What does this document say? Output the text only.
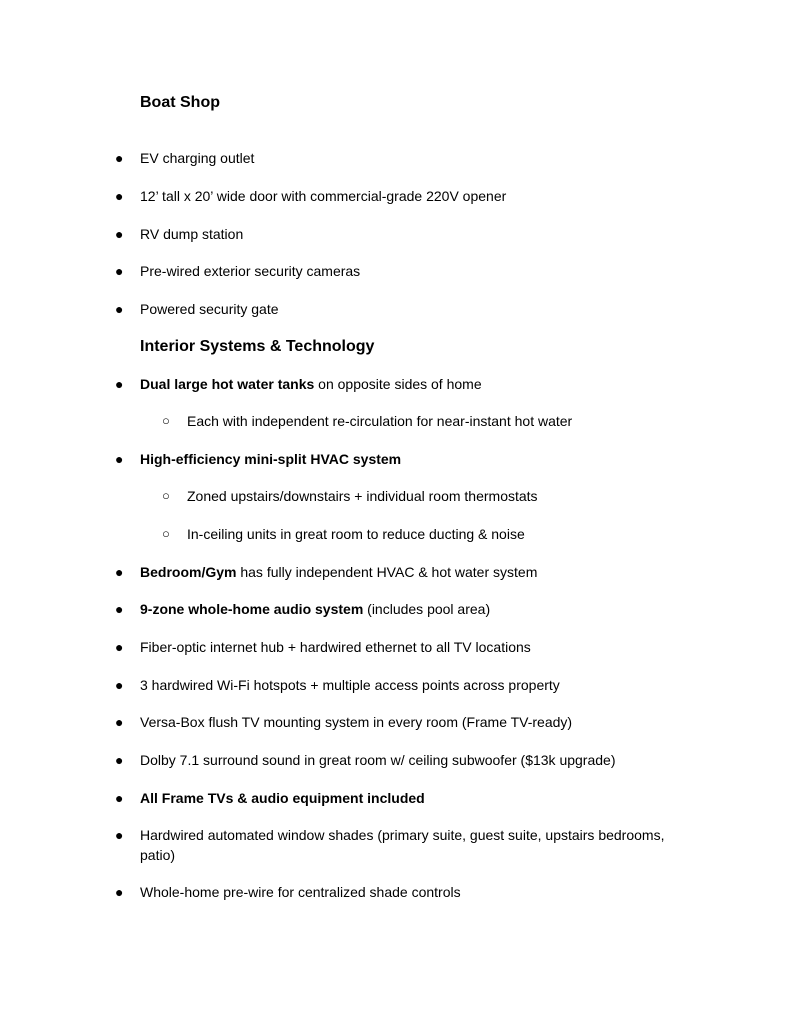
Boat Shop
● EV charging outlet
● 12’ tall x 20’ wide door with commercial-grade 220V opener
● RV dump station
● Pre-wired exterior security cameras
● Powered security gate
Interior Systems & Technology
● Dual large hot water tanks on opposite sides of home
○ Each with independent re-circulation for near-instant hot water
● High-efficiency mini-split HVAC system
○ Zoned upstairs/downstairs + individual room thermostats
○ In-ceiling units in great room to reduce ducting & noise
● Bedroom/Gym has fully independent HVAC & hot water system
● 9-zone whole-home audio system (includes pool area)
● Fiber-optic internet hub + hardwired ethernet to all TV locations
● 3 hardwired Wi-Fi hotspots + multiple access points across property
● Versa-Box flush TV mounting system in every room (Frame TV-ready)
● Dolby 7.1 surround sound in great room w/ ceiling subwoofer ($13k upgrade)
● All Frame TVs & audio equipment included
● Hardwired automated window shades (primary suite, guest suite, upstairs bedrooms, patio)
● Whole-home pre-wire for centralized shade controls
